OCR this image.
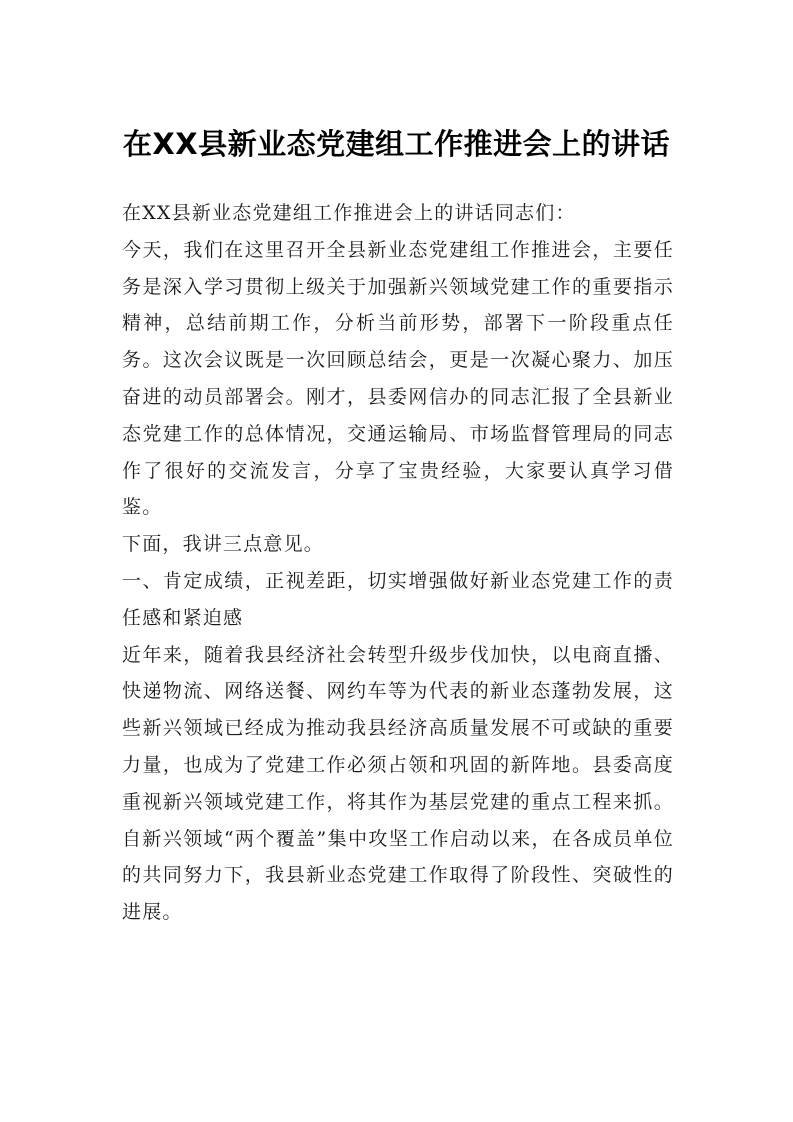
在XX县新业态党建组工作推进会上的讲话

在XX县新业态党建组工作推进会上的讲话同志们：

今天，我们在这里召开全县新业态党建组工作推进会，主要任务是深入学习贯彻上级关于加强新兴领域党建工作的重要指示精神，总结前期工作，分析当前形势，部署下一阶段重点任务。这次会议既是一次回顾总结会，更是一次凝心聚力、加压奋进的动员部署会。刚才，县委网信办的同志汇报了全县新业态党建工作的总体情况，交通运输局、市场监督管理局的同志作了很好的交流发言，分享了宝贵经验，大家要认真学习借鉴。

下面，我讲三点意见。

一、肯定成绩，正视差距，切实增强做好新业态党建工作的责任感和紧迫感

近年来，随着我县经济社会转型升级步伐加快，以电商直播、快递物流、网络送餐、网约车等为代表的新业态蓬勃发展，这些新兴领域已经成为推动我县经济高质量发展不可或缺的重要力量，也成为了党建工作必须占领和巩固的新阵地。县委高度重视新兴领域党建工作，将其作为基层党建的重点工程来抓。自新兴领域“两个覆盖”集中攻坚工作启动以来，在各成员单位的共同努力下，我县新业态党建工作取得了阶段性、突破性的进展。
